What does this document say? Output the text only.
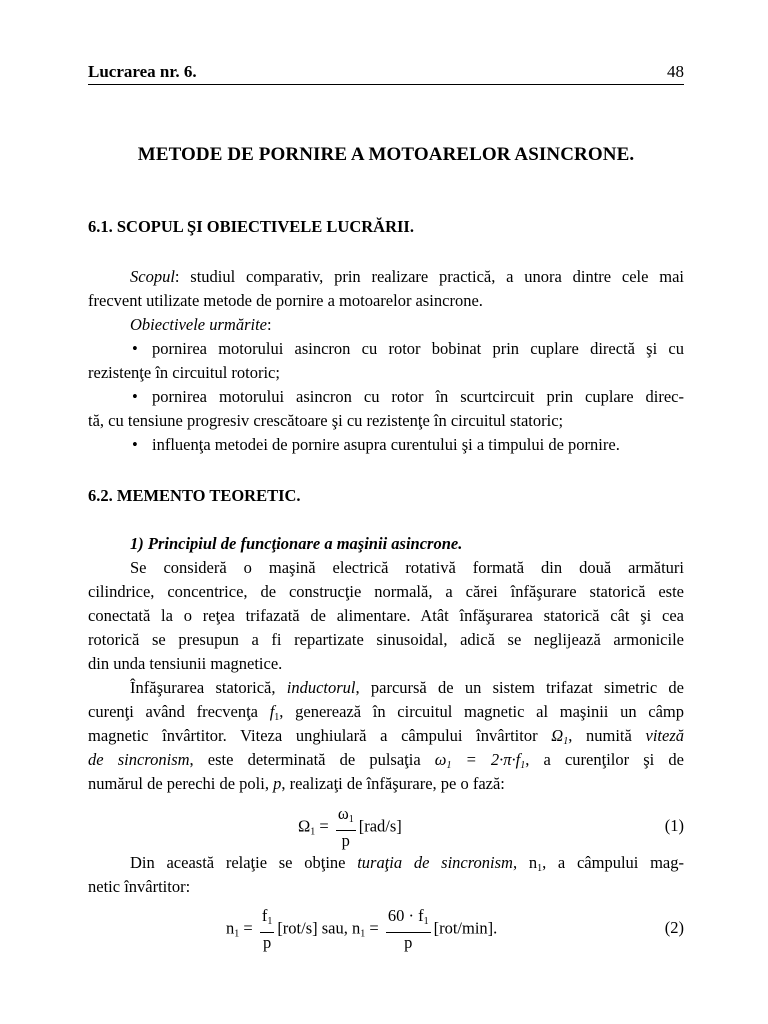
Lucrarea nr. 6.	48
METODE DE PORNIRE A MOTOARELOR ASINCRONE.
6.1. SCOPUL ŞI OBIECTIVELE LUCRĂRII.
Scopul: studiul comparativ, prin realizare practică, a unora dintre cele mai
frecvent utilizate metode de pornire a motoarelor asincrone.
Obiectivele urmărite:
• pornirea motorului asincron cu rotor bobinat prin cuplare directă şi cu
rezistenţe în circuitul rotoric;
• pornirea motorului asincron cu rotor în scurtcircuit prin cuplare direc-
tă, cu tensiune progresiv crescătoare şi cu rezistenţe în circuitul statoric;
• influenţa metodei de pornire asupra curentului şi a timpului de pornire.
6.2. MEMENTO TEORETIC.
1) Principiul de funcţionare a maşinii asincrone.
Se consideră o maşină electrică rotativă formată din două armături
cilindrice, concentrice, de construcţie normală, a cărei înfăşurare statorică este
conectată la o reţea trifazată de alimentare. Atât înfăşurarea statorică cât şi cea
rotorică se presupun a fi repartizate sinusoidal, adică se neglijează armonicile
din unda tensiunii magnetice.
Înfăşurarea statorică, inductorul, parcursă de un sistem trifazat simetric de
curenţi având frecvenţa $f_1$, generează în circuitul magnetic al maşinii un câmp
magnetic învârtitor. Viteza unghiulară a câmpului învârtitor $\Omega_1$, numită viteză
de sincronism, este determinată de pulsaţia $\omega_1 = 2\cdot\pi\cdot f_1$, a curenţilor şi de
numărul de perechi de poli, p, realizaţi de înfăşurare, pe o fază:
$\Omega_1 = \frac{\omega_1}{p} [rad/s]$	(1)
Din această relaţie se obţine turaţia de sincronism, $n_1$, a câmpului mag-
netic învârtitor:
$n_1 = \frac{f_1}{p} [rot/s]$ sau, $n_1 = \frac{60 \cdot f_1}{p} [rot/\min]$.	(2)
